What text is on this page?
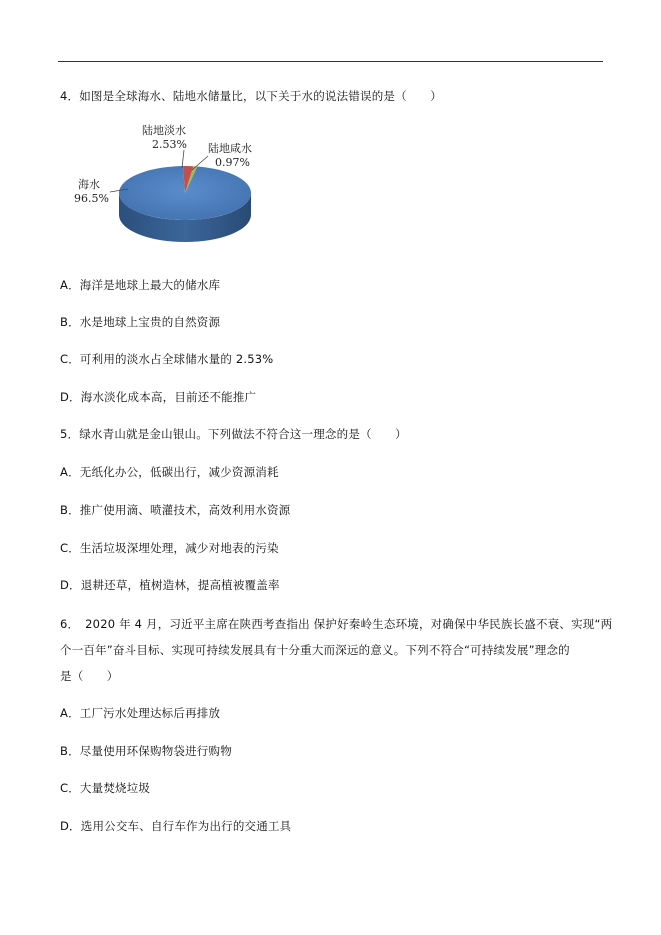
4．如图是全球海水、陆地水储量比，以下关于水的说法错误的是（　　）
陆地淡水
2.53% 陆地咸水
0.97%
海水
96.5%
A．海洋是地球上最大的储水库
B．水是地球上宝贵的自然资源
C．可利用的淡水占全球储水量的 2.53%
D．海水淡化成本高，目前还不能推广
5．绿水青山就是金山银山。下列做法不符合这一理念的是（　　）
A．无纸化办公，低碳出行，减少资源消耗
B．推广使用滴、喷灌技术，高效利用水资源
C．生活垃圾深埋处理，减少对地表的污染
D．退耕还草，植树造林，提高植被覆盖率
6．　2020 年 4 月，习近平主席在陕西考查指出 保护好秦岭生态环境，对确保中华民族长盛不衰、实现“两
个一百年”奋斗目标、实现可持续发展具有十分重大而深远的意义。下列不符合“可持续发展”理念的
是（　　）
A．工厂污水处理达标后再排放
B．尽量使用环保购物袋进行购物
C．大量焚烧垃圾
D．选用公交车、自行车作为出行的交通工具
